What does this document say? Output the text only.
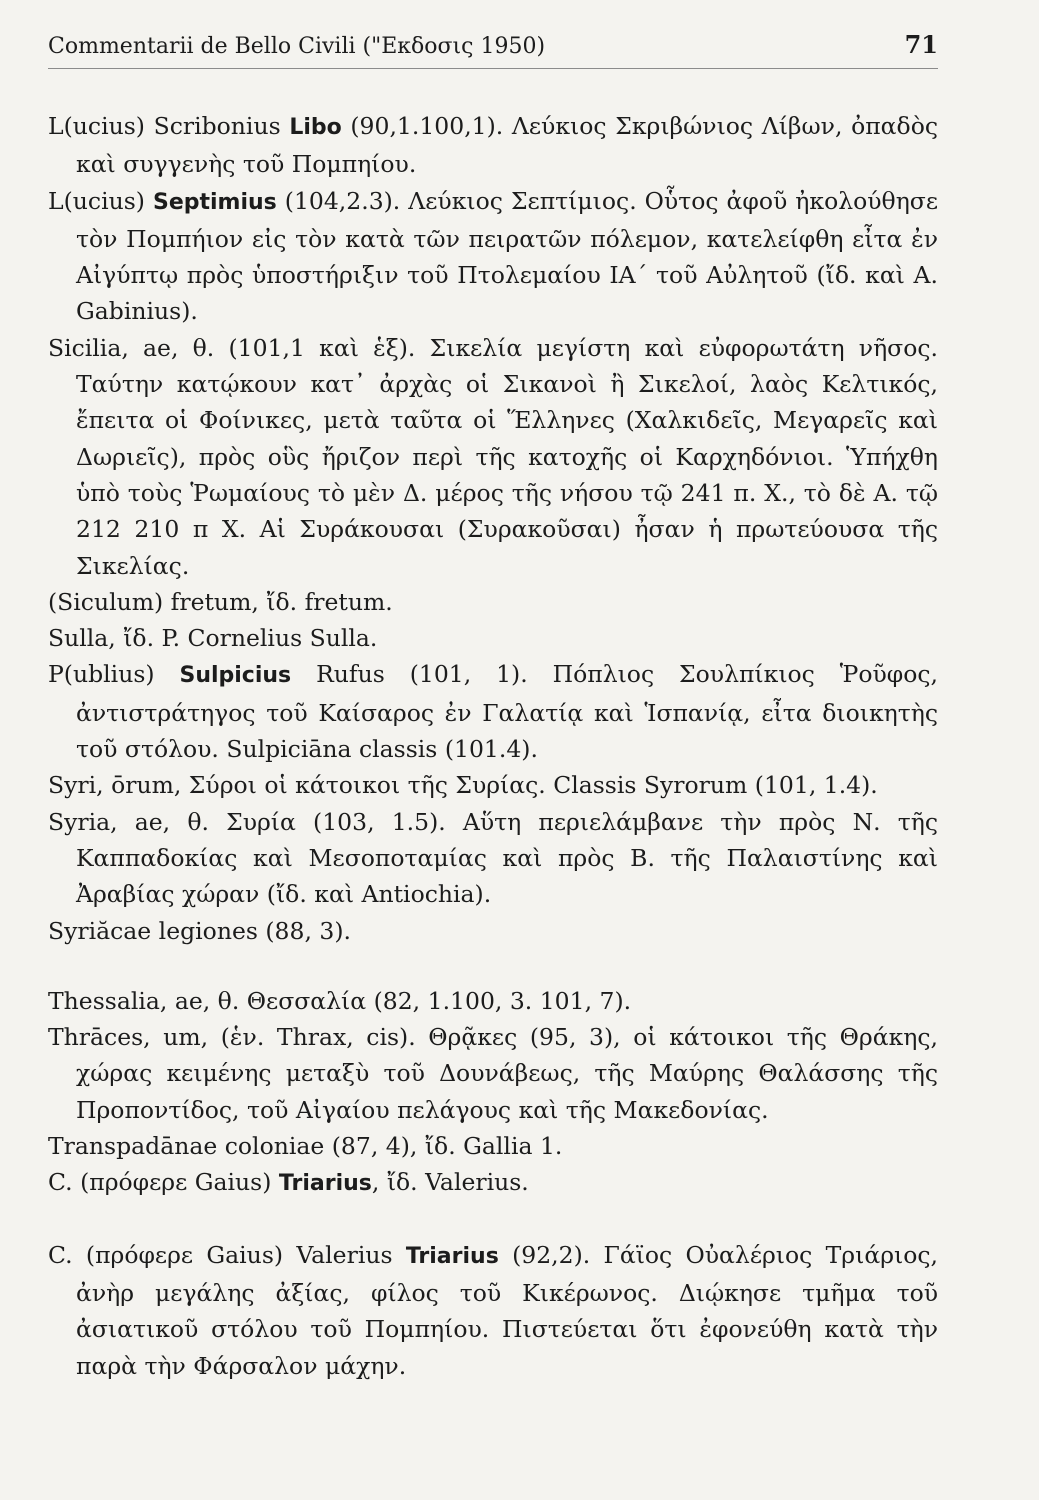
Commentarii de Bello Civili ("Εκδοσις 1950)	71
L(ucius) Scribonius Libo (90,1.100,1). Λεύκιος Σκριβώνιος Λίβων, ὀπαδὸς καὶ συγγενὴς τοῦ Πομπηίου.
L(ucius) Septimius (104,2.3). Λεύκιος Σεπτίμιος. Οὗτος ἀφοῦ ἠκολούθησε τὸν Πομπήιον εἰς τὸν κατὰ τῶν πειρατῶν πόλεμον, κατελείφθη εἶτα ἐν Αἰγύπτῳ πρὸς ὑποστήριξιν τοῦ Πτολεμαίου ΙΑ΄ τοῦ Αὐλητοῦ (ἴδ. καὶ A. Gabinius).
Sicilia, ae, θ. (101,1 καὶ ἑξ). Σικελία μεγίστη καὶ εὐφορωτάτη νῆσος. Ταύτην κατῴκουν κατ᾽ ἀρχὰς οἱ Σικανοὶ ἢ Σικελοί, λαὸς Κελτικός, ἔπειτα οἱ Φοίνικες, μετὰ ταῦτα οἱ Ἕλληνες (Χαλκιδεῖς, Μεγαρεῖς καὶ Δωριεῖς), πρὸς οὓς ἤριζον περὶ τῆς κατοχῆς οἱ Καρχηδόνιοι. Ὑπήχθη ὑπὸ τοὺς Ῥωμαίους τὸ μὲν Δ. μέρος τῆς νήσου τῷ 241 π. Χ., τὸ δὲ Α. τῷ 212 210 π Χ. Αἱ Συράκουσαι (Συρακοῦσαι) ἦσαν ἡ πρωτεύουσα τῆς Σικελίας.
(Siculum) fretum, ἴδ. fretum.
Sulla, ἴδ. P. Cornelius Sulla.
P(ublius) Sulpicius Rufus (101, 1). Πόπλιος Σουλπίκιος Ῥοῦφος, ἀντιστράτηγος τοῦ Καίσαρος ἐν Γαλατίᾳ καὶ Ἱσπανίᾳ, εἶτα διοικητὴς τοῦ στόλου. Sulpiciāna classis (101.4).
Syri, ōrum, Σύροι οἱ κάτοικοι τῆς Συρίας. Classis Syrorum (101, 1.4).
Syria, ae, θ. Συρία (103, 1.5). Αὕτη περιελάμβανε τὴν πρὸς Ν. τῆς Καππαδοκίας καὶ Μεσοποταμίας καὶ πρὸς Β. τῆς Παλαιστίνης καὶ Ἀραβίας χώραν (ἴδ. καὶ Antiochia).
Syriăcae legiones (88, 3).
Thessalia, ae, θ. Θεσσαλία (82, 1.100, 3. 101, 7).
Thrāces, um, (ἑν. Thrax, cis). Θρᾷκες (95, 3), οἱ κάτοικοι τῆς Θράκης, χώρας κειμένης μεταξὺ τοῦ Δουνάβεως, τῆς Μαύρης Θαλάσσης τῆς Προποντίδος, τοῦ Αἰγαίου πελάγους καὶ τῆς Μακεδονίας.
Transpadānae coloniae (87, 4), ἴδ. Gallia 1.
C. (πρόφερε Gaius) Triarius, ἴδ. Valerius.
C. (πρόφερε Gaius) Valerius Triarius (92,2). Γάϊος Οὐαλέριος Τριάριος, ἀνὴρ μεγάλης ἀξίας, φίλος τοῦ Κικέρωνος. Διῴκησε τμῆμα τοῦ ἀσιατικοῦ στόλου τοῦ Πομπηίου. Πιστεύεται ὅτι ἐφονεύθη κατὰ τὴν παρὰ τὴν Φάρσαλον μάχην.
